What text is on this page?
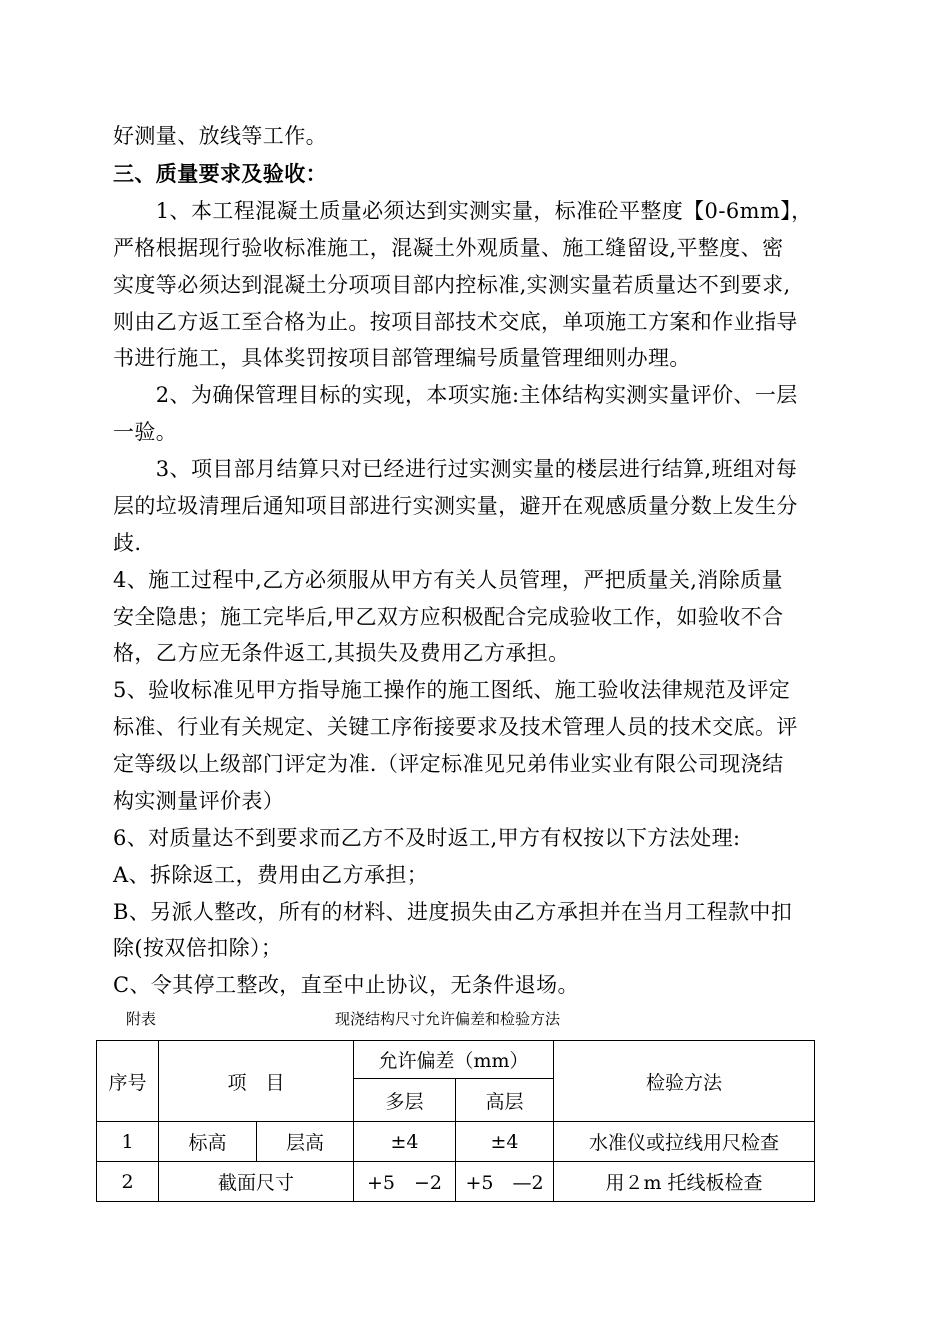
好测量、放线等工作。
三、质量要求及验收：
　　1、本工程混凝土质量必须达到实测实量，标准砼平整度【0-6mm】，
严格根据现行验收标准施工，混凝土外观质量、施工缝留设,平整度、密
实度等必须达到混凝土分项项目部内控标准,实测实量若质量达不到要求,
则由乙方返工至合格为止。按项目部技术交底，单项施工方案和作业指导
书进行施工，具体奖罚按项目部管理编号质量管理细则办理。
　　2、为确保管理目标的实现，本项实施:主体结构实测实量评价、一层
一验。
　　3、项目部月结算只对已经进行过实测实量的楼层进行结算,班组对每
层的垃圾清理后通知项目部进行实测实量，避开在观感质量分数上发生分
歧.
4、施工过程中,乙方必须服从甲方有关人员管理，严把质量关,消除质量
安全隐患；施工完毕后,甲乙双方应积极配合完成验收工作，如验收不合
格，乙方应无条件返工,其损失及费用乙方承担。
5、验收标准见甲方指导施工操作的施工图纸、施工验收法律规范及评定
标准、行业有关规定、关键工序衔接要求及技术管理人员的技术交底。评
定等级以上级部门评定为准.（评定标准见兄弟伟业实业有限公司现浇结
构实测量评价表）
6、对质量达不到要求而乙方不及时返工,甲方有权按以下方法处理:
A、拆除返工，费用由乙方承担；
B、另派人整改，所有的材料、进度损失由乙方承担并在当月工程款中扣
除(按双倍扣除）；
C、令其停工整改，直至中止协议，无条件退场。
附表	现浇结构尺寸允许偏差和检验方法
序号	项　目		允许偏差（mm）		检验方法
			多层	高层	
1	标高	层高	±4	±4	水准仪或拉线用尺检查
2	截面尺寸		+5　−2	+5　—2	用２m 托线板检查
